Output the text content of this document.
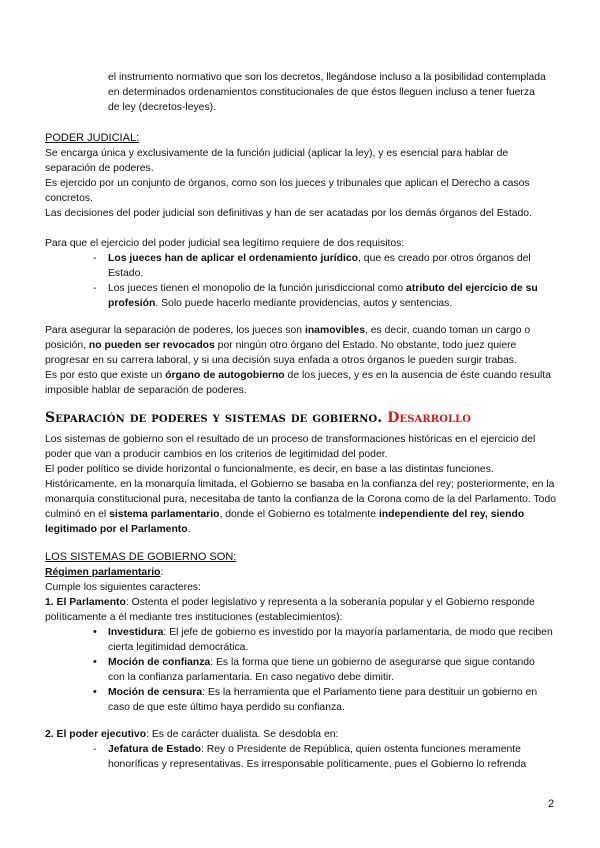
el instrumento normativo que son los decretos, llegándose incluso a la posibilidad contemplada en determinados ordenamientos constitucionales de que éstos lleguen incluso a tener fuerza de ley (decretos-leyes).

PODER JUDICIAL:

Se encarga única y exclusivamente de la función judicial (aplicar la ley), y es esencial para hablar de separación de poderes.

Es ejercido por un conjunto de órganos, como son los jueces y tribunales que aplican el Derecho a casos concretos.

Las decisiones del poder judicial son definitivas y han de ser acatadas por los demás órganos del Estado.

Para que el ejercicio del poder judicial sea legítimo requiere de dos requisitos:

-	Los jueces han de aplicar el ordenamiento jurídico, que es creado por otros órganos del Estado.
-	Los jueces tienen el monopolio de la función jurisdiccional como atributo del ejercicio de su profesión. Solo puede hacerlo mediante providencias, autos y sentencias.

Para asegurar la separación de poderes, los jueces son inamovibles, es decir, cuando toman un cargo o posición, no pueden ser revocados por ningún otro órgano del Estado. No obstante, todo juez quiere progresar en su carrera laboral, y si una decisión suya enfada a otros órganos le pueden surgir trabas.

Es por esto que existe un órgano de autogobierno de los jueces, y es en la ausencia de éste cuando resulta imposible hablar de separación de poderes.

Separación de poderes y sistemas de gobierno. Desarrollo

Los sistemas de gobierno son el resultado de un proceso de transformaciones históricas en el ejercicio del poder que van a producir cambios en los criterios de legitimidad del poder.

El poder político se divide horizontal o funcionalmente, es decir, en base a las distintas funciones. Históricamente, en la monarquía limitada, el Gobierno se basaba en la confianza del rey; posteriormente, en la monarquía constitucional pura, necesitaba de tanto la confianza de la Corona como de la del Parlamento. Todo culminó en el sistema parlamentario, donde el Gobierno es totalmente independiente del rey, siendo legitimado por el Parlamento.

LOS SISTEMAS DE GOBIERNO SON:

Régimen parlamentario:

Cumple los siguientes caracteres:

1. El Parlamento: Ostenta el poder legislativo y representa a la soberanía popular y el Gobierno responde políticamente a él mediante tres instituciones (establecimientos):

•	Investidura: El jefe de gobierno es investido por la mayoría parlamentaria, de modo que reciben cierta legitimidad democrática.
•	Moción de confianza: Es la forma que tiene un gobierno de asegurarse que sigue contando con la confianza parlamentaria. En caso negativo debe dimitir.
•	Moción de censura: Es la herramienta que el Parlamento tiene para destituir un gobierno en caso de que este último haya perdido su confianza.

2. El poder ejecutivo: Es de carácter dualista. Se desdobla en:

-	Jefatura de Estado: Rey o Presidente de República, quien ostenta funciones meramente honoríficas y representativas. Es irresponsable políticamente, pues el Gobierno lo refrenda
2
